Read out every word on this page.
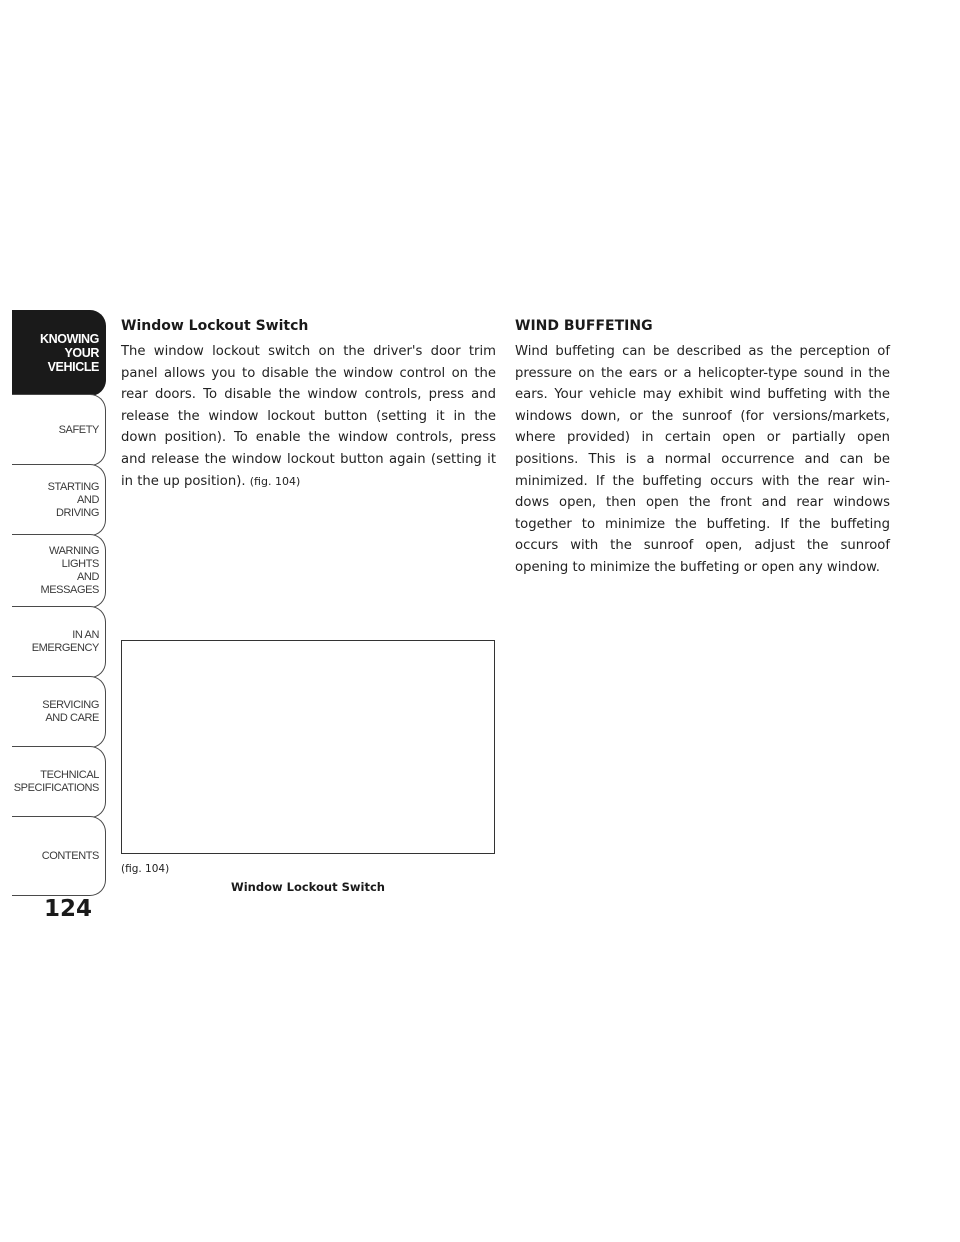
KNOWING
YOUR
VEHICLE
SAFETY
STARTING
AND
DRIVING
WARNING
LIGHTS
AND
MESSAGES
IN AN
EMERGENCY
SERVICING
AND CARE
TECHNICAL
SPECIFICATIONS
CONTENTS
124
Window Lockout Switch

The window lockout switch on the driver's door trim panel allows you to disable the window control on the rear doors. To disable the window controls, press and release the window lockout button (setting it in the down position). To enable the window controls, press and release the window lockout button again (setting it in the up position). (fig. 104)

(fig. 104)
Window Lockout Switch
WIND BUFFETING

Wind buffeting can be described as the perception of pressure on the ears or a helicopter-type sound in the ears. Your vehicle may exhibit wind buffeting with the windows down, or the sunroof (for versions/markets, where provided) in certain open or partially open positions. This is a normal occurrence and can be minimized. If the buffeting occurs with the rear win-dows open, then open the front and rear windows together to minimize the buffeting. If the buffeting occurs with the sunroof open, adjust the sunroof opening to minimize the buffeting or open any window.
